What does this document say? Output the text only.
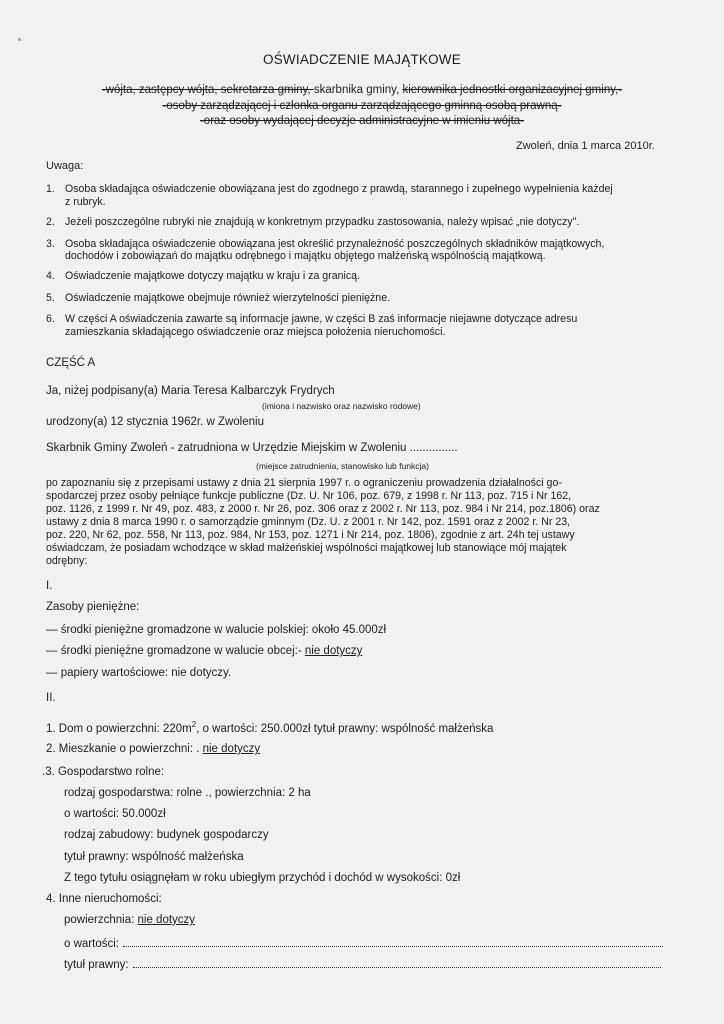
OŚWIADCZENIE MAJĄTKOWE
-wójta, zastępcy wójta, sekretarza gminy, skarbnika gminy, kierownika jednostki organizacyjnej gminy,-
-osoby zarządzającej i członka organu zarządzającego gminną osobą prawną-
-oraz osoby wydającej decyzje administracyjne w imieniu wójta-
Zwoleń, dnia 1 marca 2010r.
Uwaga:
1. Osoba składająca oświadczenie obowiązana jest do zgodnego z prawdą, starannego i zupełnego wypełnienia każdej
z rubryk.
2. Jeżeli poszczególne rubryki nie znajdują w konkretnym przypadku zastosowania, należy wpisać „nie dotyczy".
3. Osoba składająca oświadczenie obowiązana jest określić przynależność poszczególnych składników majątkowych,
dochodów i zobowiązań do majątku odrębnego i majątku objętego małżeńską wspólnością majątkową.
4. Oświadczenie majątkowe dotyczy majątku w kraju i za granicą.
5. Oświadczenie majątkowe obejmuje również wierzytelności pieniężne.
6. W części A oświadczenia zawarte są informacje jawne, w części B zaś informacje niejawne dotyczące adresu
zamieszkania składającego oświadczenie oraz miejsca położenia nieruchomości.
CZĘŚĆ A
Ja, niżej podpisany(a) Maria Teresa Kalbarczyk Frydrych
(imiona i nazwisko oraz nazwisko rodowe)
urodzony(a) 12 stycznia 1962r. w Zwoleniu
Skarbnik Gminy Zwoleń - zatrudniona w Urzędzie Miejskim w Zwoleniu ...............
(miejsce zatrudnienia, stanowisko lub funkcja)
po zapoznaniu się z przepisami ustawy z dnia 21 sierpnia 1997 r. o ograniczeniu prowadzenia działalności go-
spodarczej przez osoby pełniące funkcje publiczne (Dz. U. Nr 106, poz. 679, z 1998 r. Nr 113, poz. 715 i Nr 162,
poz. 1126, z 1999 r. Nr 49, poz. 483, z 2000 r. Nr 26, poz. 306 oraz z 2002 r. Nr 113, poz. 984 i Nr 214, poz.1806) oraz
ustawy z dnia 8 marca 1990 r. o samorządzie gminnym (Dz. U. z 2001 r. Nr 142, poz. 1591 oraz z 2002 r. Nr 23,
poz. 220, Nr 62, poz. 558, Nr 113, poz. 984, Nr 153, poz. 1271 i Nr 214, poz. 1806), zgodnie z art. 24h tej ustawy
oświadczam, że posiadam wchodzące w skład małżeńskiej wspólności majątkowej lub stanowiące mój majątek
odrębny:
I.
Zasoby pieniężne:
— środki pieniężne gromadzone w walucie polskiej: około 45.000zł
— środki pieniężne gromadzone w walucie obcej:- nie dotyczy
— papiery wartościowe: nie dotyczy.
II.
1. Dom o powierzchni: $220m^2$, o wartości: 250.000zł tytuł prawny: wspólność małżeńska
2. Mieszkanie o powierzchni: . nie dotyczy
.3. Gospodarstwo rolne:
rodzaj gospodarstwa: rolne ., powierzchnia: 2 ha
o wartości: 50.000zł
rodzaj zabudowy: budynek gospodarczy
tytuł prawny: wspólność małżeńska
Z tego tytułu osiągnęłam w roku ubiegłym przychód i dochód w wysokości: 0zł
4. Inne nieruchomości:
powierzchnia: nie dotyczy
o wartości:
tytuł prawny:
